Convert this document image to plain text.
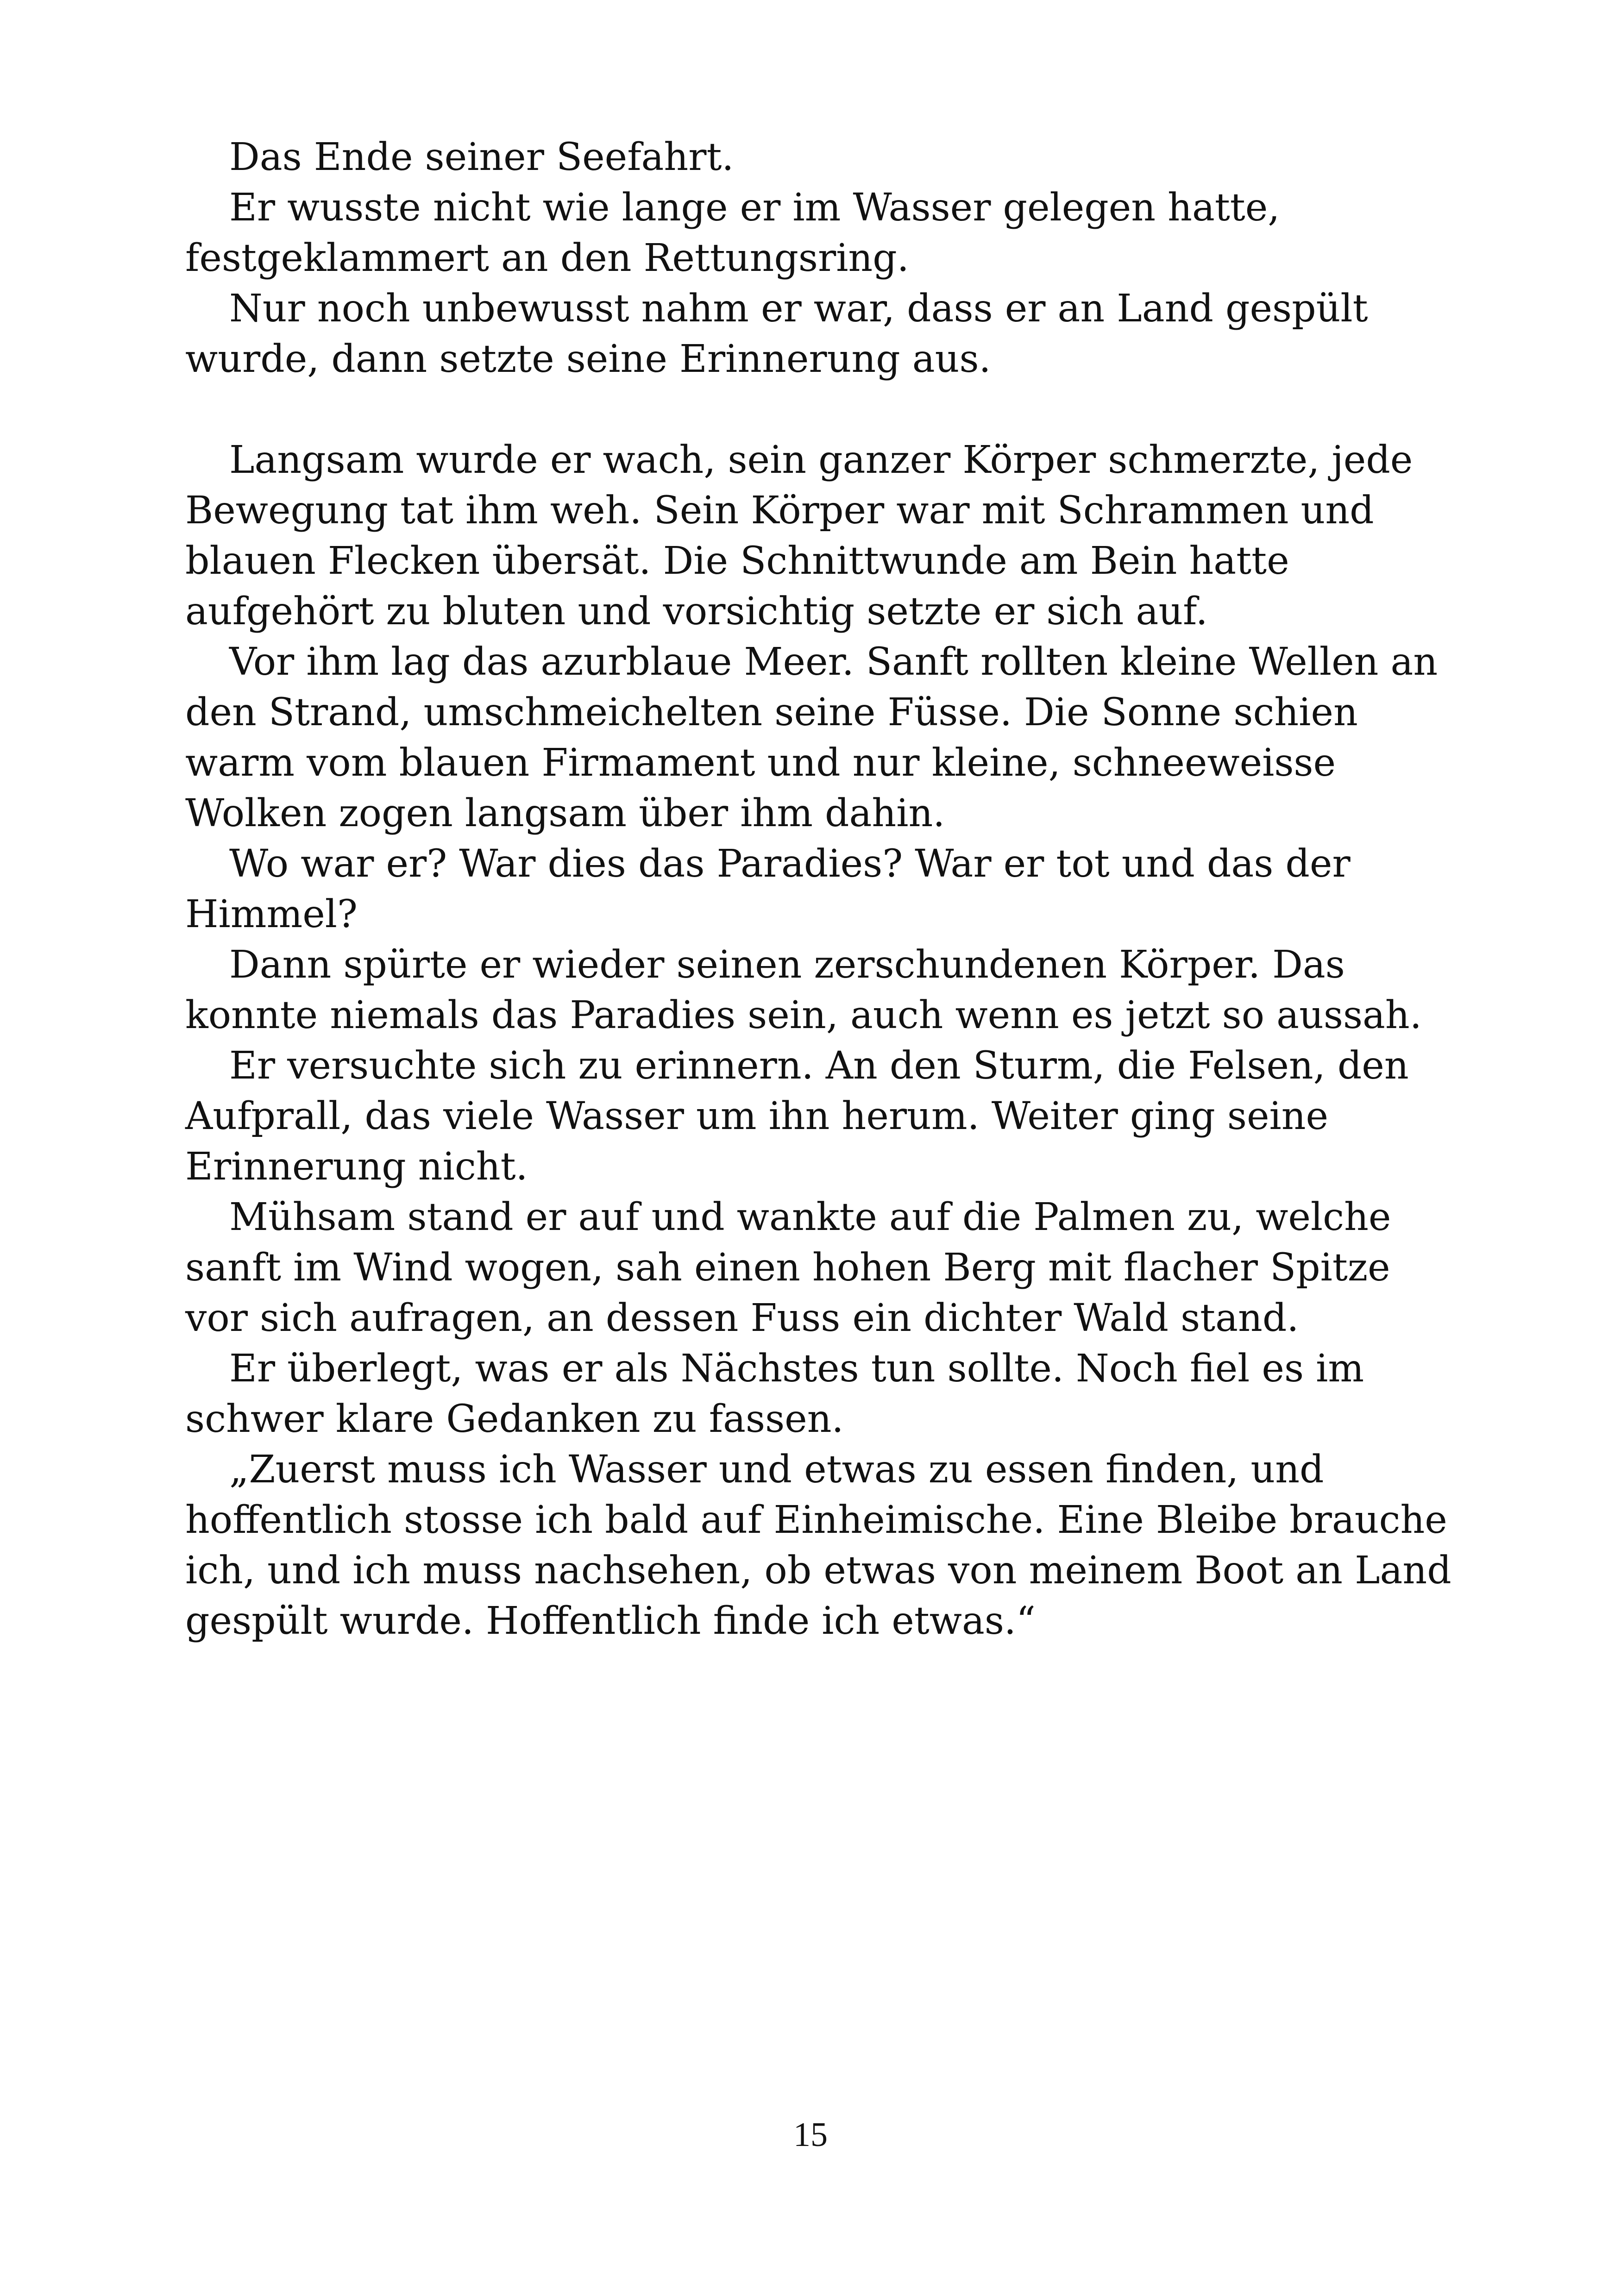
Das Ende seiner Seefahrt.

Er wusste nicht wie lange er im Wasser gelegen hatte, festgeklammert an den Rettungsring.

Nur noch unbewusst nahm er war, dass er an Land gespült wurde, dann setzte seine Erinnerung aus.

Langsam wurde er wach, sein ganzer Körper schmerzte, jede Bewegung tat ihm weh. Sein Körper war mit Schrammen und blauen Flecken übersät. Die Schnittwunde am Bein hatte aufgehört zu bluten und vorsichtig setzte er sich auf.

Vor ihm lag das azurblaue Meer. Sanft rollten kleine Wellen an den Strand, umschmeichelten seine Füsse. Die Sonne schien warm vom blauen Firmament und nur kleine, schneeweisse Wolken zogen langsam über ihm dahin.

Wo war er? War dies das Paradies? War er tot und das der Himmel?

Dann spürte er wieder seinen zerschundenen Körper. Das konnte niemals das Paradies sein, auch wenn es jetzt so aussah.

Er versuchte sich zu erinnern. An den Sturm, die Felsen, den Aufprall, das viele Wasser um ihn herum. Weiter ging seine Erinnerung nicht.

Mühsam stand er auf und wankte auf die Palmen zu, welche sanft im Wind wogen, sah einen hohen Berg mit flacher Spitze vor sich aufragen, an dessen Fuss ein dichter Wald stand.

Er überlegt, was er als Nächstes tun sollte. Noch fiel es im schwer klare Gedanken zu fassen.

„Zuerst muss ich Wasser und etwas zu essen finden, und hoffentlich stosse ich bald auf Einheimische. Eine Bleibe brauche ich, und ich muss nachsehen, ob etwas von meinem Boot an Land gespült wurde. Hoffentlich finde ich etwas.“

15
